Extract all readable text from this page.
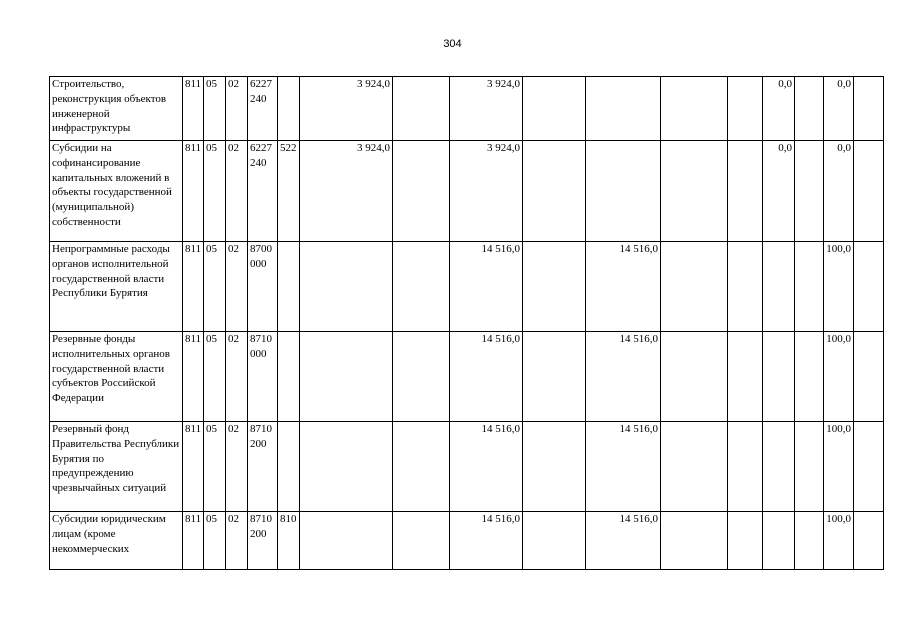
304
Строительство, реконструкция объектов инженерной инфраструктуры	811	05	02	6227 240		3 924,0		3 924,0					0,0		0,0	
Субсидии на софинансирование капитальных вложений в объекты государственной (муниципальной) собственности	811	05	02	6227 240	522	3 924,0		3 924,0					0,0		0,0	
Непрограммные расходы органов исполнительной государственной власти Республики Бурятия	811	05	02	8700 000				14 516,0		14 516,0					100,0	
Резервные фонды исполнительных органов государственной власти субъектов Российской Федерации	811	05	02	8710 000				14 516,0		14 516,0					100,0	
Резервный фонд Правительства Республики Бурятия по предупреждению чрезвычайных ситуаций	811	05	02	8710 200				14 516,0		14 516,0					100,0	
Субсидии юридическим лицам (кроме некоммерческих	811	05	02	8710 200	810			14 516,0		14 516,0					100,0	
